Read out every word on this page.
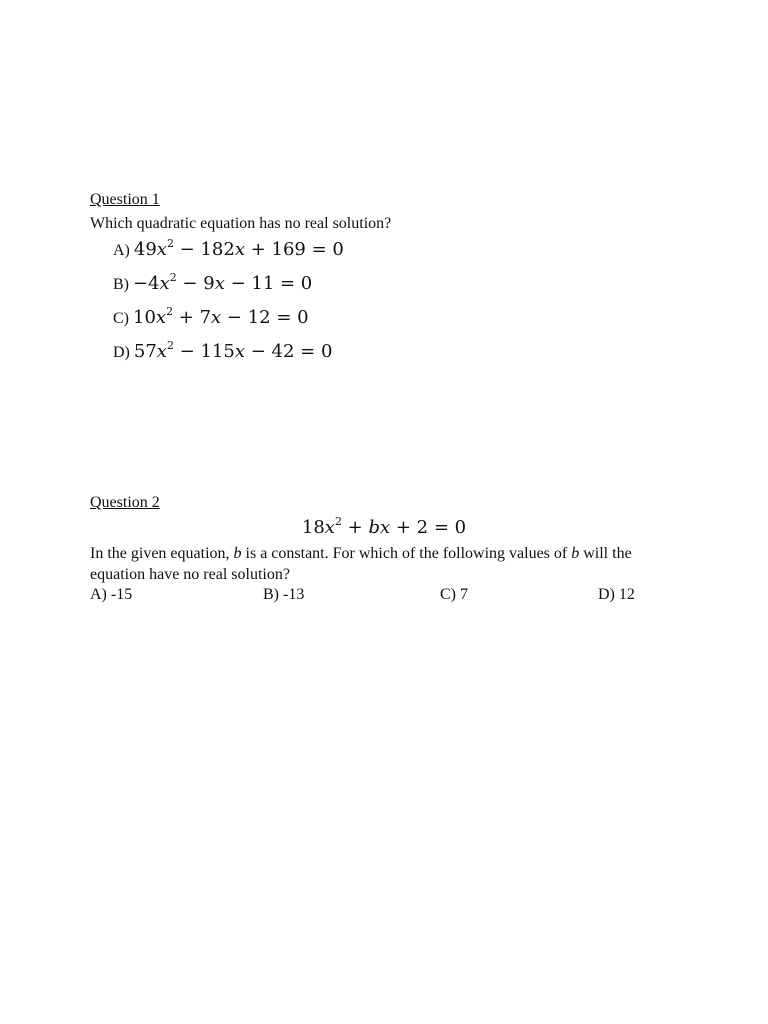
Question 1
Which quadratic equation has no real solution?
A) $49x^2 - 182x + 169 = 0$
$B) -4x^2 - 9x - 11 = 0$
C) $10x^2 + 7x - 12 = 0$
D) $57x^2 - 115x - 42 = 0$
Question 2
$18x^2$ + bx + 2 = 0
In the given equation, b is a constant. For which of the following values of b will the equation have no real solution?
A) -15	B) -13	C) 7	D) 12
